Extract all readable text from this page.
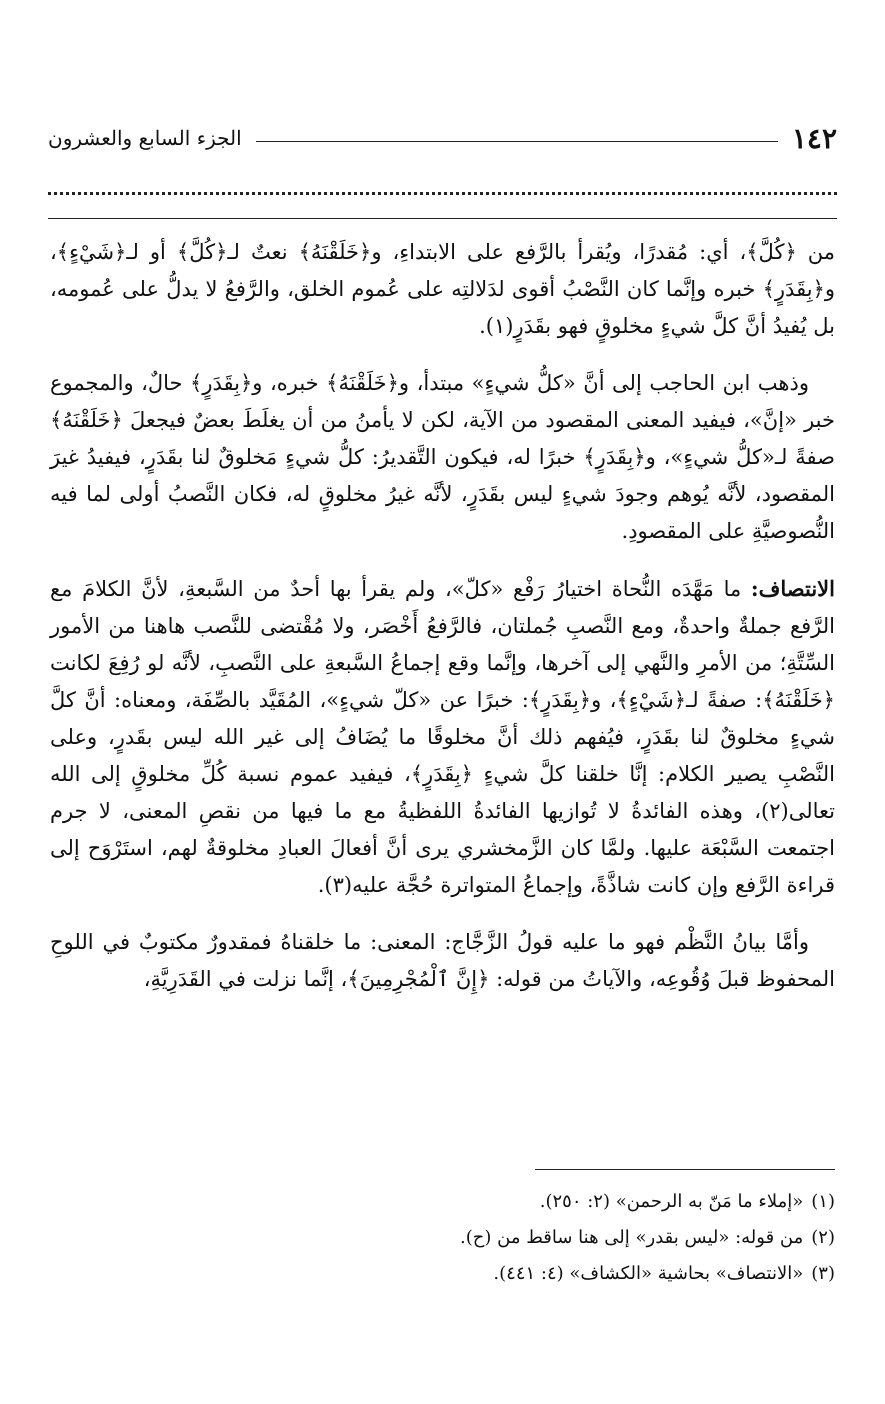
١٤٢
الجزء السابع والعشرون

من ﴿كُلَّ﴾، أي: مُقدرًا، ويُقرأ بالرَّفع على الابتداءِ، و﴿خَلَقْنَهُ﴾ نعتٌ لـ﴿كُلَّ﴾ أو لـ﴿شَيْءٍ﴾، و﴿بِقَدَرٍ﴾ خبره وإنَّما كان النَّصْبُ أقوى لدَلالتِه على عُموم الخلق، والرَّفعُ لا يدلُّ على عُمومه، بل يُفيدُ أنَّ كلَّ شيءٍ مخلوقٍ فهو بقَدَرٍ(١).

وذهب ابن الحاجب إلى أنَّ «كلُّ شيءٍ» مبتدأ، و﴿خَلَقْنَهُ﴾ خبره، و﴿بِقَدَرٍ﴾ حالٌ، والمجموع خبر «إنَّ»، فيفيد المعنى المقصود من الآية، لكن لا يأمنُ من أن يغلَطَ بعضٌ فيجعلَ ﴿خَلَقْنَهُ﴾ صفةً لـ«كلُّ شيءٍ»، و﴿بِقَدَرٍ﴾ خبرًا له، فيكون التَّقديرُ: كلُّ شيءٍ مَخلوقٌ لنا بقَدَرٍ، فيفيدُ غيرَ المقصود، لأنَّه يُوهم وجودَ شيءٍ ليس بقَدَرٍ، لأنَّه غيرُ مخلوقٍ له، فكان النَّصبُ أولى لما فيه النُّصوصيَّةِ على المقصودِ.

الانتصاف: ما مَهَّدَه النُّحاة اختيارُ رَفْع «كلّ»، ولم يقرأ بها أحدٌ من السَّبعةِ، لأنَّ الكلامَ مع الرَّفع جملةٌ واحدةٌ، ومع النَّصبِ جُملتان، فالرَّفعُ أَخْصَر، ولا مُقْتضى للنَّصب هاهنا من الأمور السِّتَّةِ؛ من الأمرِ والنَّهي إلى آخرها، وإنَّما وقع إجماعُ السَّبعةِ على النَّصبِ، لأنَّه لو رُفِعَ لكانت ﴿خَلَقْنَهُ﴾: صفةً لـ﴿شَيْءٍ﴾، و﴿بِقَدَرٍ﴾: خبرًا عن «كلّ شيءٍ»، المُقَيَّد بالصِّفَة، ومعناه: أنَّ كلَّ شيءٍ مخلوقٌ لنا بقَدَرٍ، فيُفهم ذلك أنَّ مخلوقًا ما يُضَافُ إلى غير الله ليس بقَدرٍ، وعلى النَّصْبِ يصير الكلام: إنَّا خلقنا كلَّ شيءٍ ﴿بِقَدَرٍ﴾، فيفيد عموم نسبة كُلِّ مخلوقٍ إلى الله تعالى(٢)، وهذه الفائدةُ لا تُوازيها الفائدةُ اللفظيةُ مع ما فيها من نقصِ المعنى، لا جرم اجتمعت السَّبْعَة عليها. ولمَّا كان الزَّمخشري يرى أنَّ أفعالَ العبادِ مخلوقةٌ لهم، استَرْوَح إلى قراءة الرَّفع وإن كانت شاذَّةً، وإجماعُ المتواترة حُجَّة عليه(٣).

وأمَّا بيانُ النَّظْم فهو ما عليه قولُ الزَّجَّاج: المعنى: ما خلقناهُ فمقدورٌ مكتوبٌ في اللوحِ المحفوظ قبلَ وُقُوعِه، والآياتُ من قوله: ﴿إِنَّ ٱلْمُجْرِمِينَ﴾، إنَّما نزلت في القَدَرِيَّةِ،

(١)
«إملاء ما مَنّ به الرحمن» (٢: ٢٥٠).
(٢)
من قوله: «ليس بقدر» إلى هنا ساقط من (ح).
(٣)
«الانتصاف» بحاشية «الكشاف» (٤: ٤٤١).
